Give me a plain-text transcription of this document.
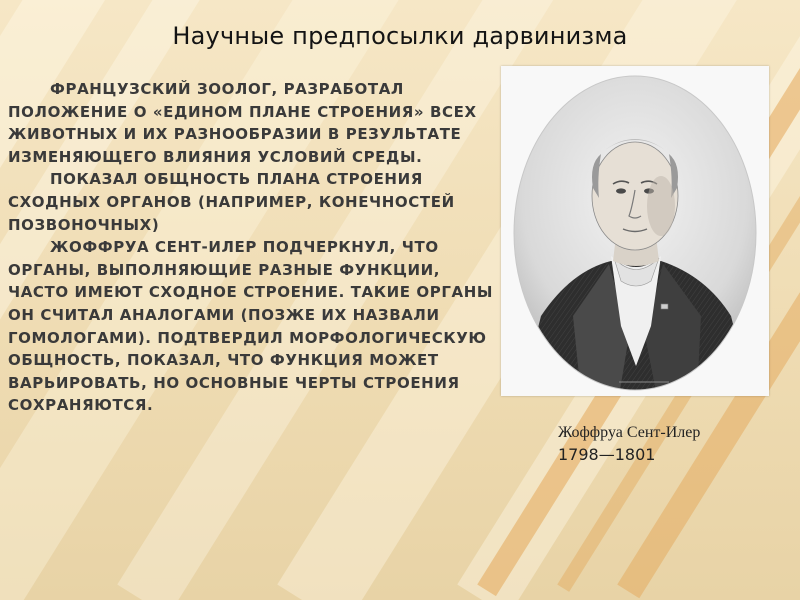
Научные предпосылки дарвинизма

ФРАНЦУЗСКИЙ ЗООЛОГ, РАЗРАБОТАЛ ПОЛОЖЕНИЕ О «ЕДИНОМ ПЛАНЕ СТРОЕНИЯ» ВСЕХ ЖИВОТНЫХ И ИХ РАЗНООБРАЗИИ В РЕЗУЛЬТАТЕ ИЗМЕНЯЮЩЕГО ВЛИЯНИЯ УСЛОВИЙ СРЕДЫ.

ПОКАЗАЛ ОБЩНОСТЬ ПЛАНА СТРОЕНИЯ СХОДНЫХ ОРГАНОВ (НАПРИМЕР, КОНЕЧНОСТЕЙ ПОЗВОНОЧНЫХ)

ЖОФФРУА СЕНТ-ИЛЕР ПОДЧЕРКНУЛ, ЧТО ОРГАНЫ, ВЫПОЛНЯЮЩИЕ РАЗНЫЕ ФУНКЦИИ, ЧАСТО ИМЕЮТ СХОДНОЕ СТРОЕНИЕ. ТАКИЕ ОРГАНЫ ОН СЧИТАЛ АНАЛОГАМИ (ПОЗЖЕ ИХ НАЗВАЛИ ГОМОЛОГАМИ). ПОДТВЕРДИЛ МОРФОЛОГИЧЕСКУЮ ОБЩНОСТЬ, ПОКАЗАЛ, ЧТО ФУНКЦИЯ МОЖЕТ ВАРЬИРОВАТЬ, НО ОСНОВНЫЕ ЧЕРТЫ СТРОЕНИЯ СОХРАНЯЮТСЯ.

Жоффруа Сент-Илер
1798—1801
